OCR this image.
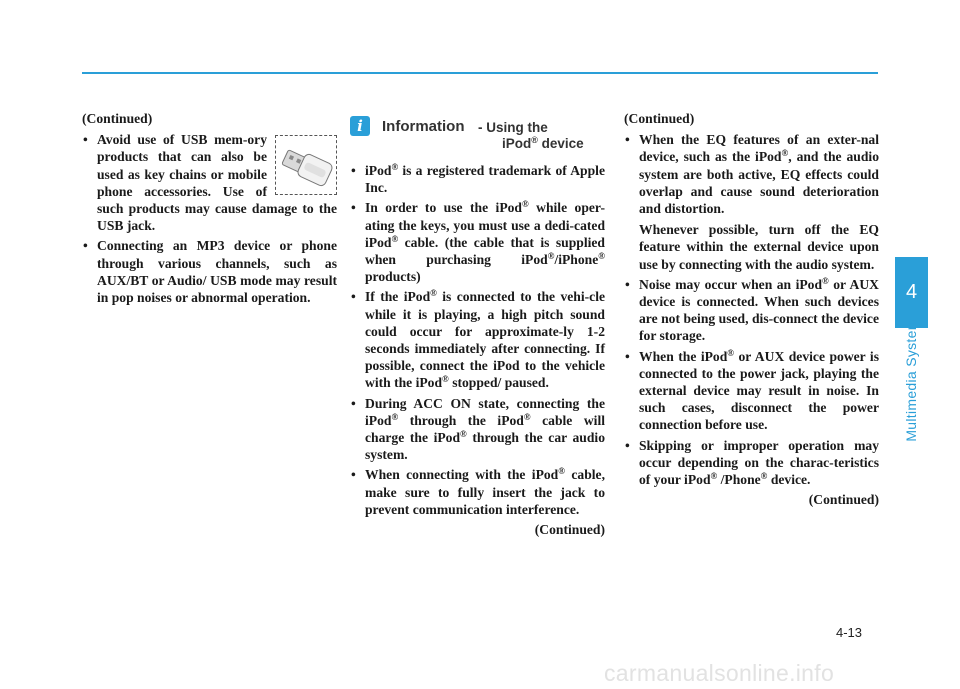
(Continued)

• Avoid use of USB mem-ory products that can also be used as key chains or mobile phone accessories. Use of such products may cause damage to the USB jack.
• Connecting an MP3 device or phone through various channels, such as AUX/BT or Audio/ USB mode may result in pop noises or abnormal operation.
i	Information - Using the
iPod® device
• iPod® is a registered trademark of Apple Inc.
• In order to use the iPod® while oper-ating the keys, you must use a dedi-cated iPod® cable. (the cable that is supplied when purchasing iPod®/iPhone® products)
• If the iPod® is connected to the vehi-cle while it is playing, a high pitch sound could occur for approximate-ly 1-2 seconds immediately after connecting. If possible, connect the iPod to the vehicle with the iPod® stopped/ paused.
• During ACC ON state, connecting the iPod® through the iPod® cable will charge the iPod® through the car audio system.
• When connecting with the iPod® cable, make sure to fully insert the jack to prevent communication interference.

(Continued)

(Continued)

• When the EQ features of an exter-nal device, such as the iPod®, and the audio system are both active, EQ effects could overlap and cause sound deterioration and distortion.
Whenever possible, turn off the EQ feature within the external device upon use by connecting with the audio system.
• Noise may occur when an iPod® or AUX device is connected. When such devices are not being used, dis-connect the device for storage.
• When the iPod® or AUX device power is connected to the power jack, playing the external device may result in noise. In such cases, disconnect the power connection before use.
• Skipping or improper operation may occur depending on the charac-teristics of your iPod® /Phone® device.

(Continued)

4
Multimedia System
4-13
carmanualsonline.info
